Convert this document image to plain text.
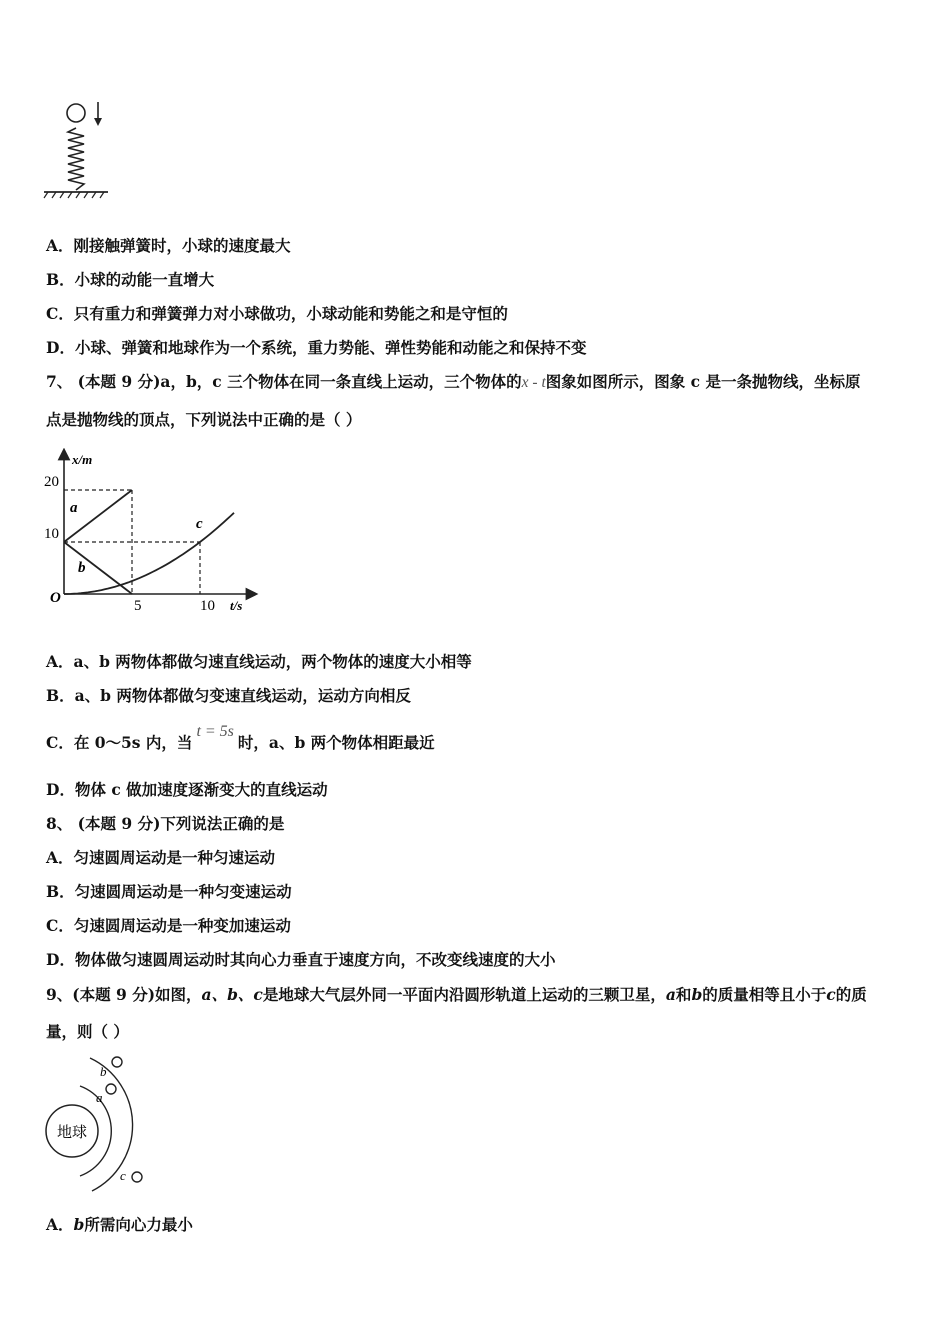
A．刚接触弹簧时，小球的速度最大
B．小球的动能一直增大
C．只有重力和弹簧弹力对小球做功，小球动能和势能之和是守恒的
D．小球、弹簧和地球作为一个系统，重力势能、弹性势能和动能之和保持不变
7、 (本题 9 分)a，b，c 三个物体在同一条直线上运动，三个物体的x - t图象如图所示，图象 c 是一条抛物线，坐标原
点是抛物线的顶点，下列说法中正确的是（ ）
x/m
t/s
O
20
10
5	10
a
b
c
A．a、b 两物体都做匀速直线运动，两个物体的速度大小相等
B．a、b 两物体都做匀变速直线运动，运动方向相反
C．在 0～5s 内，当t = 5s时，a、b 两个物体相距最近
D．物体 c 做加速度逐渐变大的直线运动
8、 (本题 9 分)下列说法正确的是
A．匀速圆周运动是一种匀速运动
B．匀速圆周运动是一种匀变速运动
C．匀速圆周运动是一种变加速运动
D．物体做匀速圆周运动时其向心力垂直于速度方向，不改变线速度的大小
9、(本题 9 分)如图，a、b、c是地球大气层外同一平面内沿圆形轨道上运动的三颗卫星，a和b的质量相等且小于c的质
量，则（ ）
地球
b
a
c
A．b所需向心力最小
